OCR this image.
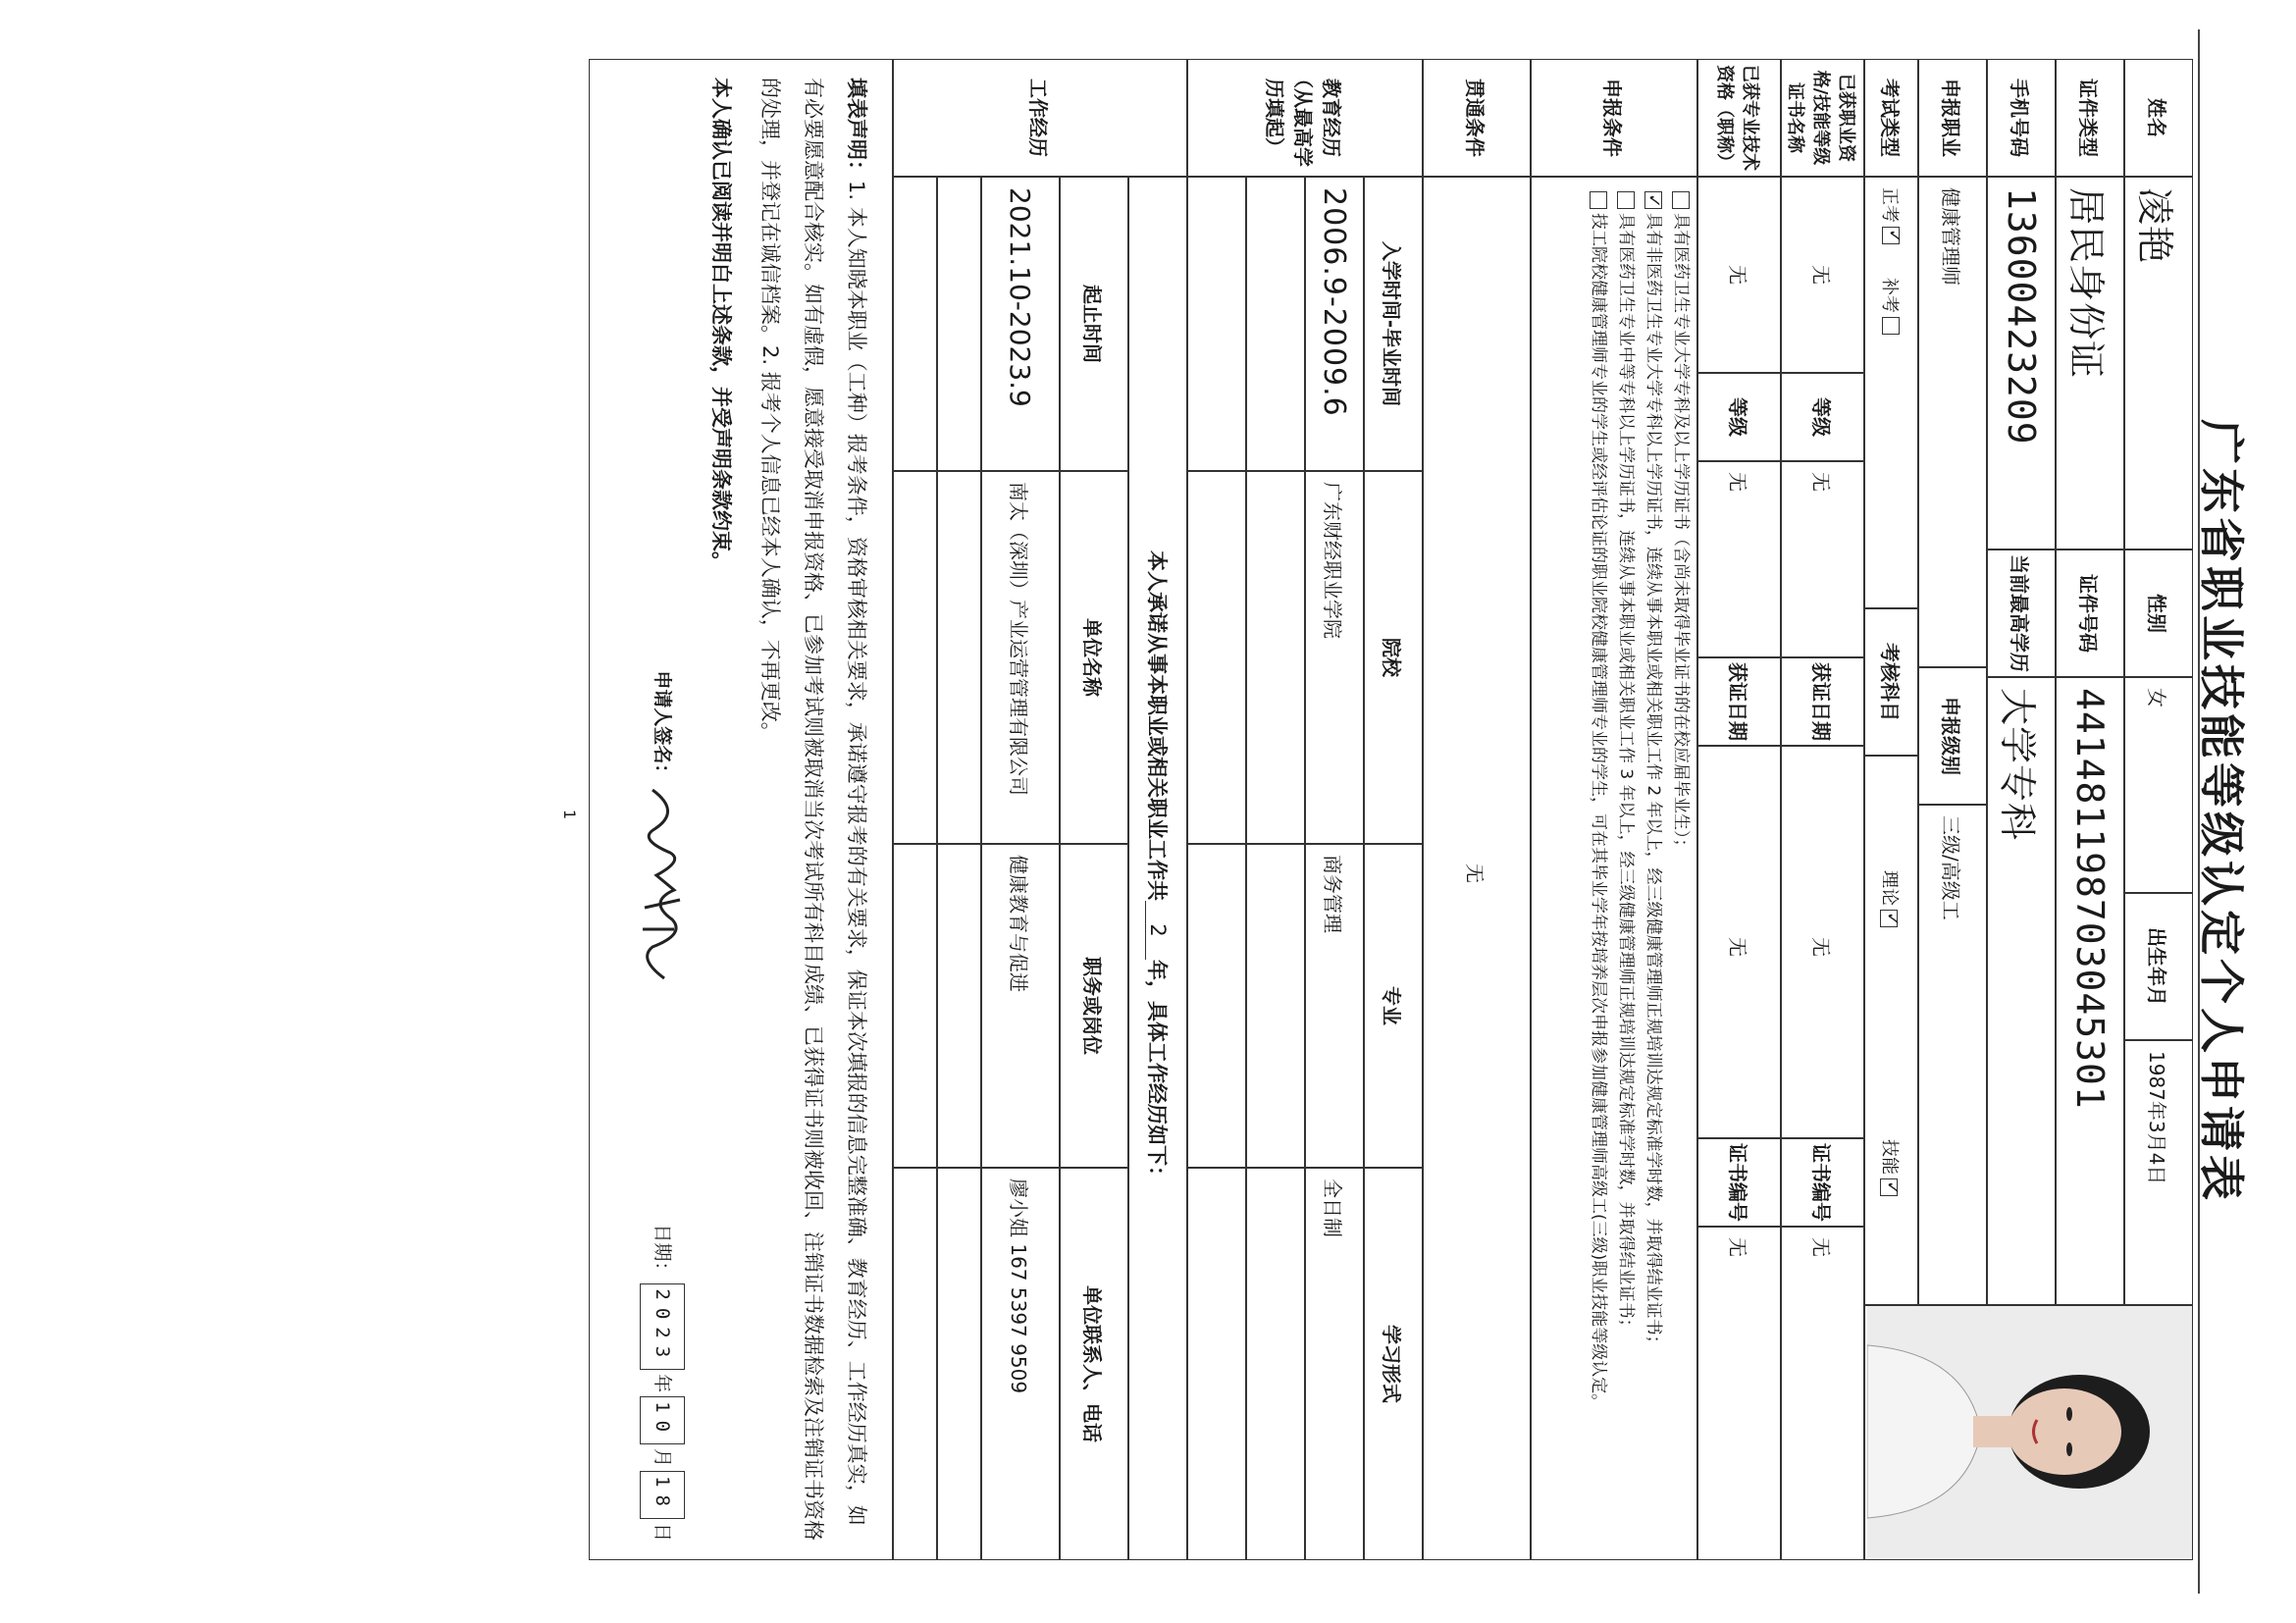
广东省职业技能等级认定个人申请表
姓名
凌艳
性别
女
出生年月
1987年3月4日
证件类型
居民身份证
证件号码
441481198703045301
手机号码
13600423209
当前最高学历
大学专科
申报职业
健康管理师
申报级别
三级/高级工
考试类型
正考
✓
补考
考核科目
理论✓
技能✓
已获职业资格/技能等级证书名称
无
等级
无
获证日期
无
证书编号
无
已获专业技术资格（职称）
无
等级
无
获证日期
无
证书编号
无
申报条件
具有医药卫生专业大学专科及以上学历证书（含尚未取得毕业证书的在校应届毕业生）；
✓具有非医药卫生专业大学专科以上学历证书，连续从事本职业或相关职业工作 2 年以上，经三级健康管理师正规培训达规定标准学时数，并取得结业证书；
具有医药卫生专业中等专科以上学历证书，连续从事本职业或相关职业工作 3 年以上，经三级健康管理师正规培训达规定标准学时数，并取得结业证书；
技工院校健康管理师专业的学生或经评估论证的职业院校健康管理师专业的学生，可在其毕业学年按培养层次申报参加健康管理师高级工(三级)职业技能等级认定。
贯通条件
无
教育经历（从最高学历填起）
入学时间-毕业时间
院校
专业
学习形式
2006.9-2009.6
广东财经职业学院
商务管理
全日制
本人承诺从事本职业或相关职业工作共
2
年，具体工作经历如下：
工作经历
起止时间
单位名称
职务或岗位
单位联系人、电话
2021.10-2023.9
南太（深圳）产业运营管理有限公司
健康教育与促进
廖小姐 167 5397 9509
填表声明：1. 本人知晓本职业（工种）报考条件，资格审核相关要求，承诺遵守报考的有关要求，保证本次填报的信息完整准确、教育经历、工作经历真实，如有必要愿意配合核实。如有虚假，愿意接受取消申报资格、已参加考试则被取消当次考试所有科目成绩、已获得证书则被收回、注销证书数据检索及注销证书资格的处理，并登记在诚信档案。2. 报考个人信息已经本人确认，不再更改。
本人确认已阅读并明白上述条款，并受声明条款约束。
申请人签名：
日期：
2023
年
10
月
18
日
1
